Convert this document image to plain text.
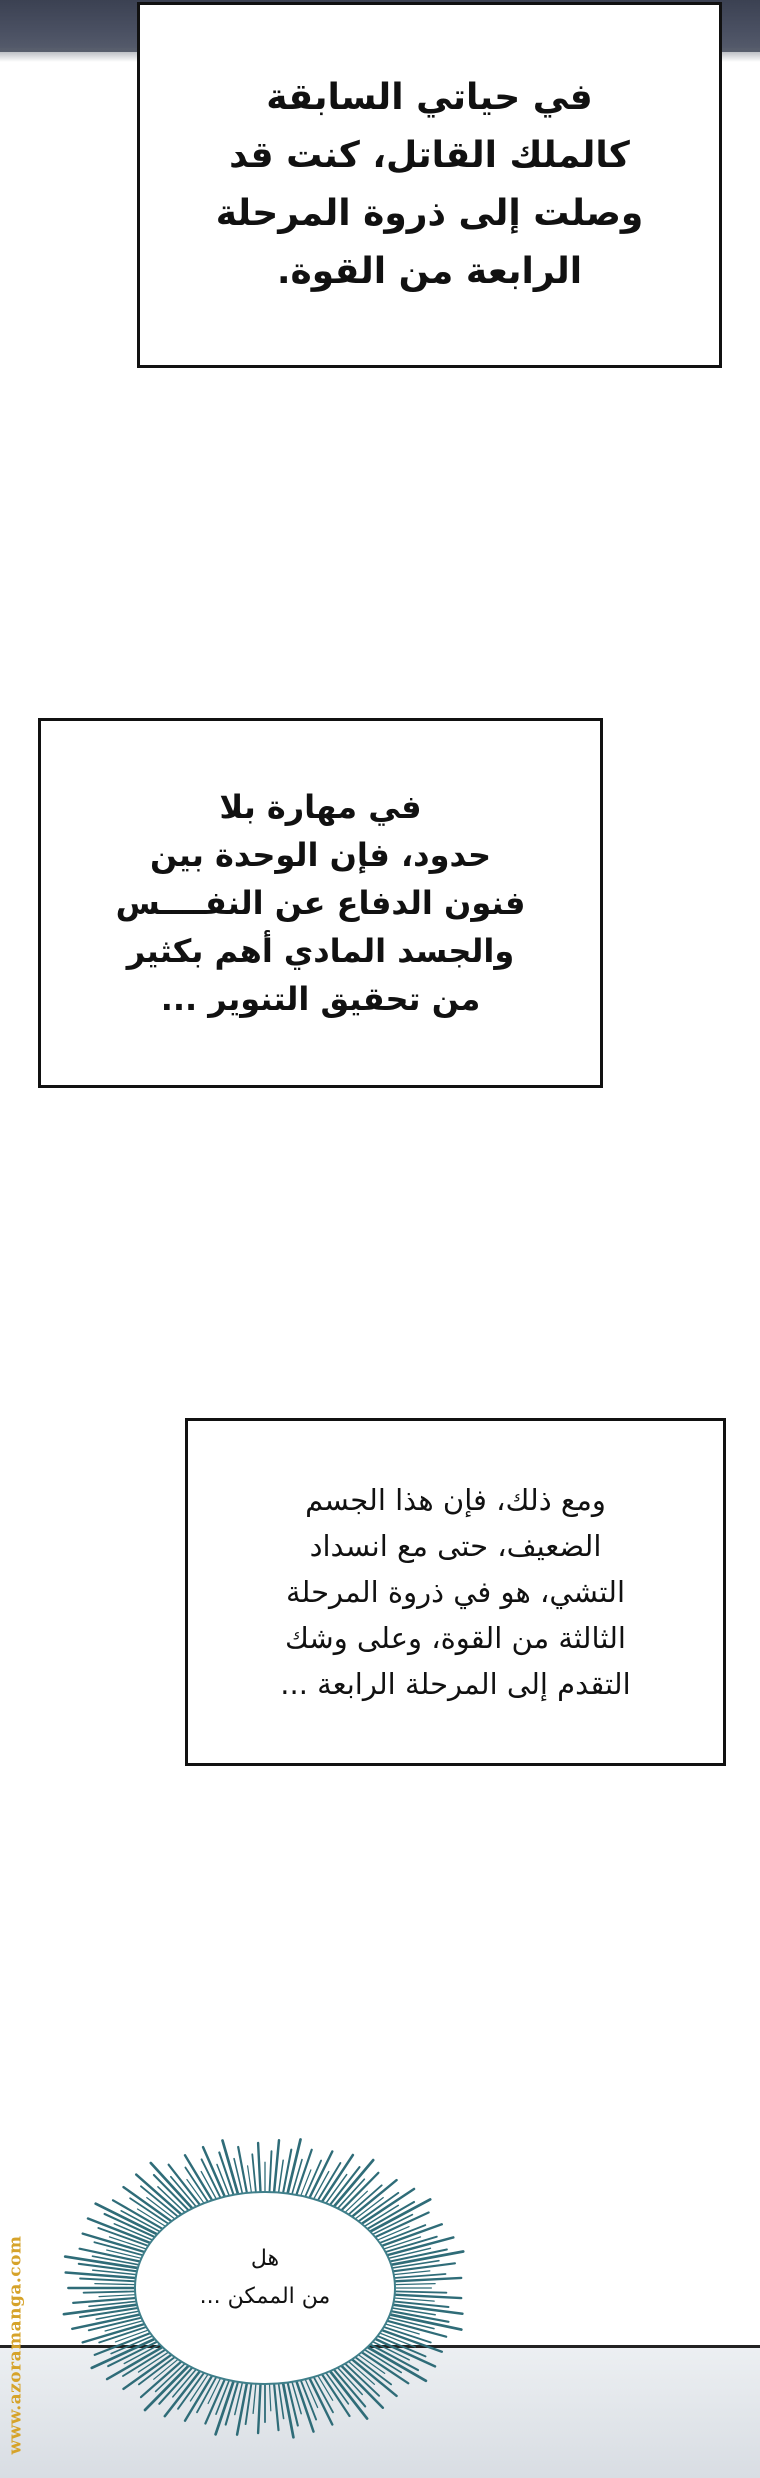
في حياتي السابقة
كالملك القاتل، كنت قد
وصلت إلى ذروة المرحلة
الرابعة من القوة.
في مهارة بلا
حدود، فإن الوحدة بين
فنون الدفاع عن النفــــس
والجسد المادي أهم بكثير
من تحقيق التنوير ...
ومع ذلك، فإن هذا الجسم
الضعيف، حتى مع انسداد
التشي، هو في ذروة المرحلة
الثالثة من القوة، وعلى وشك
التقدم إلى المرحلة الرابعة ...
هل
من الممكن ...
www.azoramanga.com
